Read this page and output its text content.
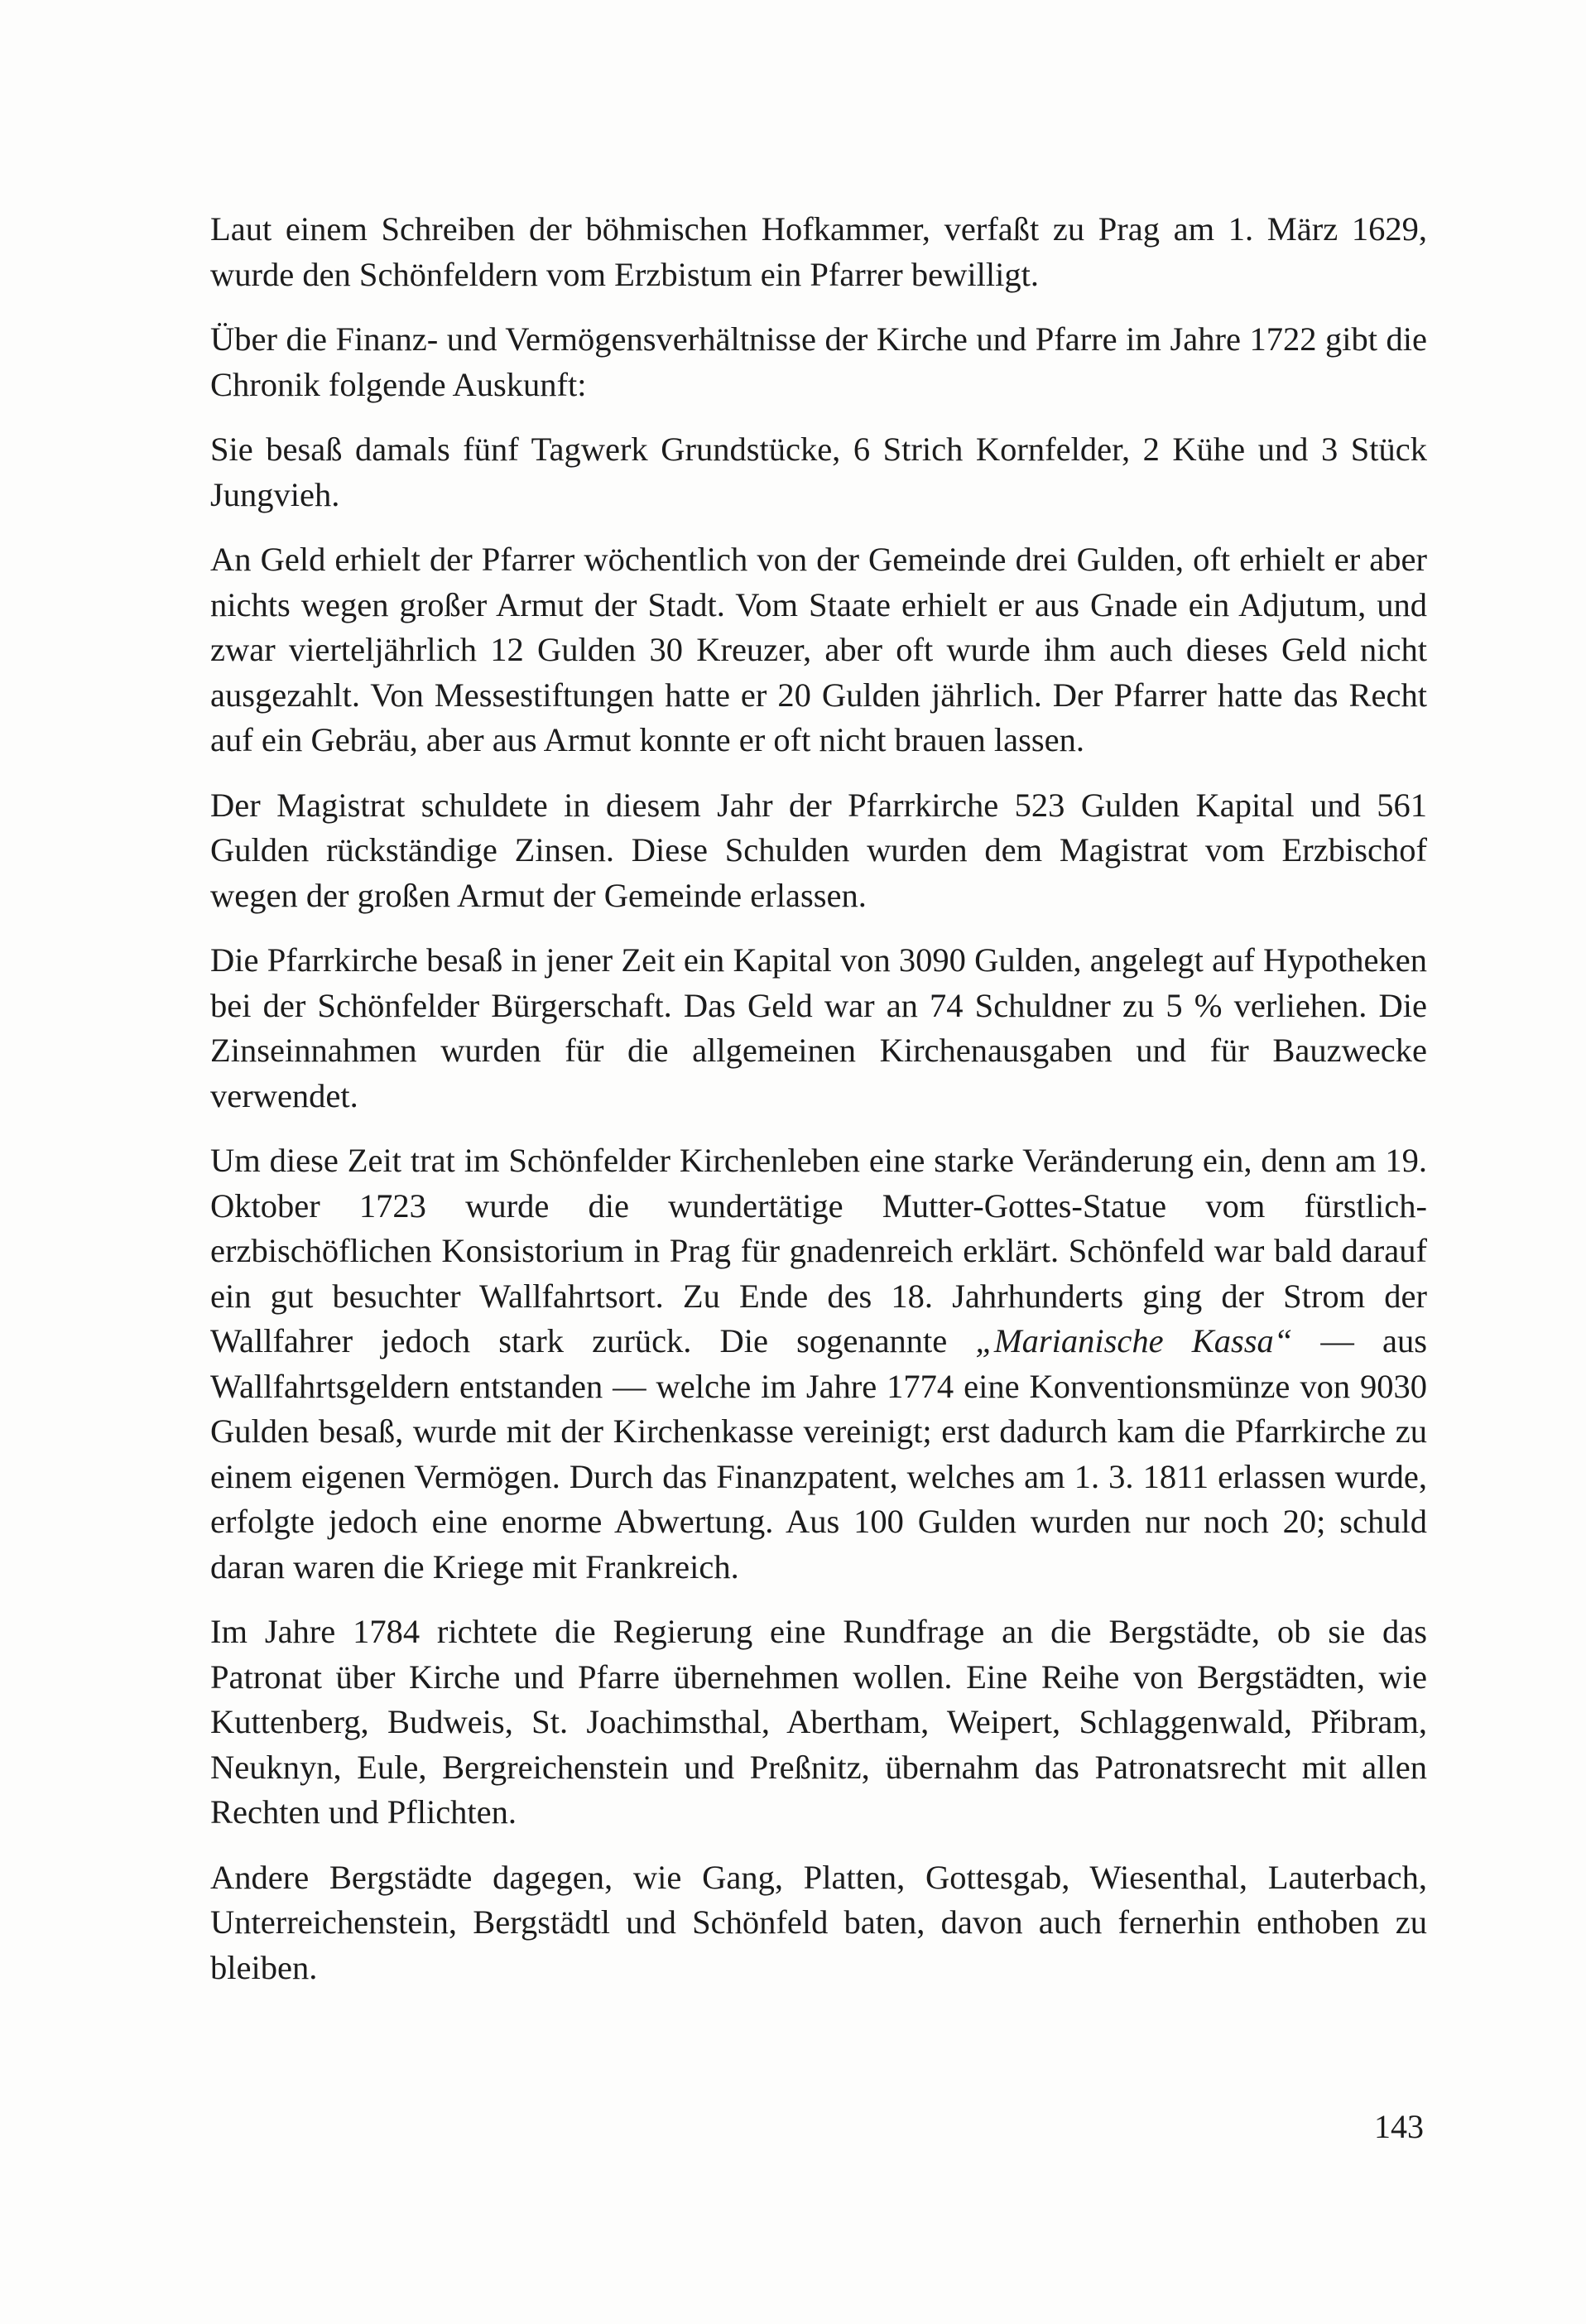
Laut einem Schreiben der böhmischen Hofkammer, verfaßt zu Prag am 1. März 1629, wurde den Schönfeldern vom Erzbistum ein Pfarrer bewilligt.

Über die Finanz- und Vermögensverhältnisse der Kirche und Pfarre im Jahre 1722 gibt die Chronik folgende Auskunft:

Sie besaß damals fünf Tagwerk Grundstücke, 6 Strich Kornfelder, 2 Kühe und 3 Stück Jungvieh.

An Geld erhielt der Pfarrer wöchentlich von der Gemeinde drei Gulden, oft erhielt er aber nichts wegen großer Armut der Stadt. Vom Staate erhielt er aus Gnade ein Adjutum, und zwar vierteljährlich 12 Gulden 30 Kreuzer, aber oft wurde ihm auch dieses Geld nicht ausgezahlt. Von Messestiftungen hatte er 20 Gulden jährlich. Der Pfarrer hatte das Recht auf ein Gebräu, aber aus Armut konnte er oft nicht brauen lassen.

Der Magistrat schuldete in diesem Jahr der Pfarrkirche 523 Gulden Kapital und 561 Gulden rückständige Zinsen. Diese Schulden wurden dem Magistrat vom Erzbischof wegen der großen Armut der Gemeinde erlassen.

Die Pfarrkirche besaß in jener Zeit ein Kapital von 3090 Gulden, angelegt auf Hypotheken bei der Schönfelder Bürgerschaft. Das Geld war an 74 Schuldner zu 5 % verliehen. Die Zinseinnahmen wurden für die allgemeinen Kirchenausgaben und für Bauzwecke verwendet.

Um diese Zeit trat im Schönfelder Kirchenleben eine starke Veränderung ein, denn am 19. Oktober 1723 wurde die wundertätige Mutter-Gottes-Statue vom fürstlich-erzbischöflichen Konsistorium in Prag für gnadenreich erklärt. Schönfeld war bald darauf ein gut besuchter Wallfahrtsort. Zu Ende des 18. Jahrhunderts ging der Strom der Wallfahrer jedoch stark zurück. Die sogenannte „Marianische Kassa“ — aus Wallfahrtsgeldern entstanden — welche im Jahre 1774 eine Konventionsmünze von 9030 Gulden besaß, wurde mit der Kirchenkasse vereinigt; erst dadurch kam die Pfarrkirche zu einem eigenen Vermögen. Durch das Finanzpatent, welches am 1. 3. 1811 erlassen wurde, erfolgte jedoch eine enorme Abwertung. Aus 100 Gulden wurden nur noch 20; schuld daran waren die Kriege mit Frankreich.

Im Jahre 1784 richtete die Regierung eine Rundfrage an die Bergstädte, ob sie das Patronat über Kirche und Pfarre übernehmen wollen. Eine Reihe von Bergstädten, wie Kuttenberg, Budweis, St. Joachimsthal, Abertham, Weipert, Schlaggenwald, Přibram, Neuknyn, Eule, Bergreichenstein und Preßnitz, übernahm das Patronatsrecht mit allen Rechten und Pflichten.

Andere Bergstädte dagegen, wie Gang, Platten, Gottesgab, Wiesenthal, Lauterbach, Unterreichenstein, Bergstädtl und Schönfeld baten, davon auch fernerhin enthoben zu bleiben.

143
